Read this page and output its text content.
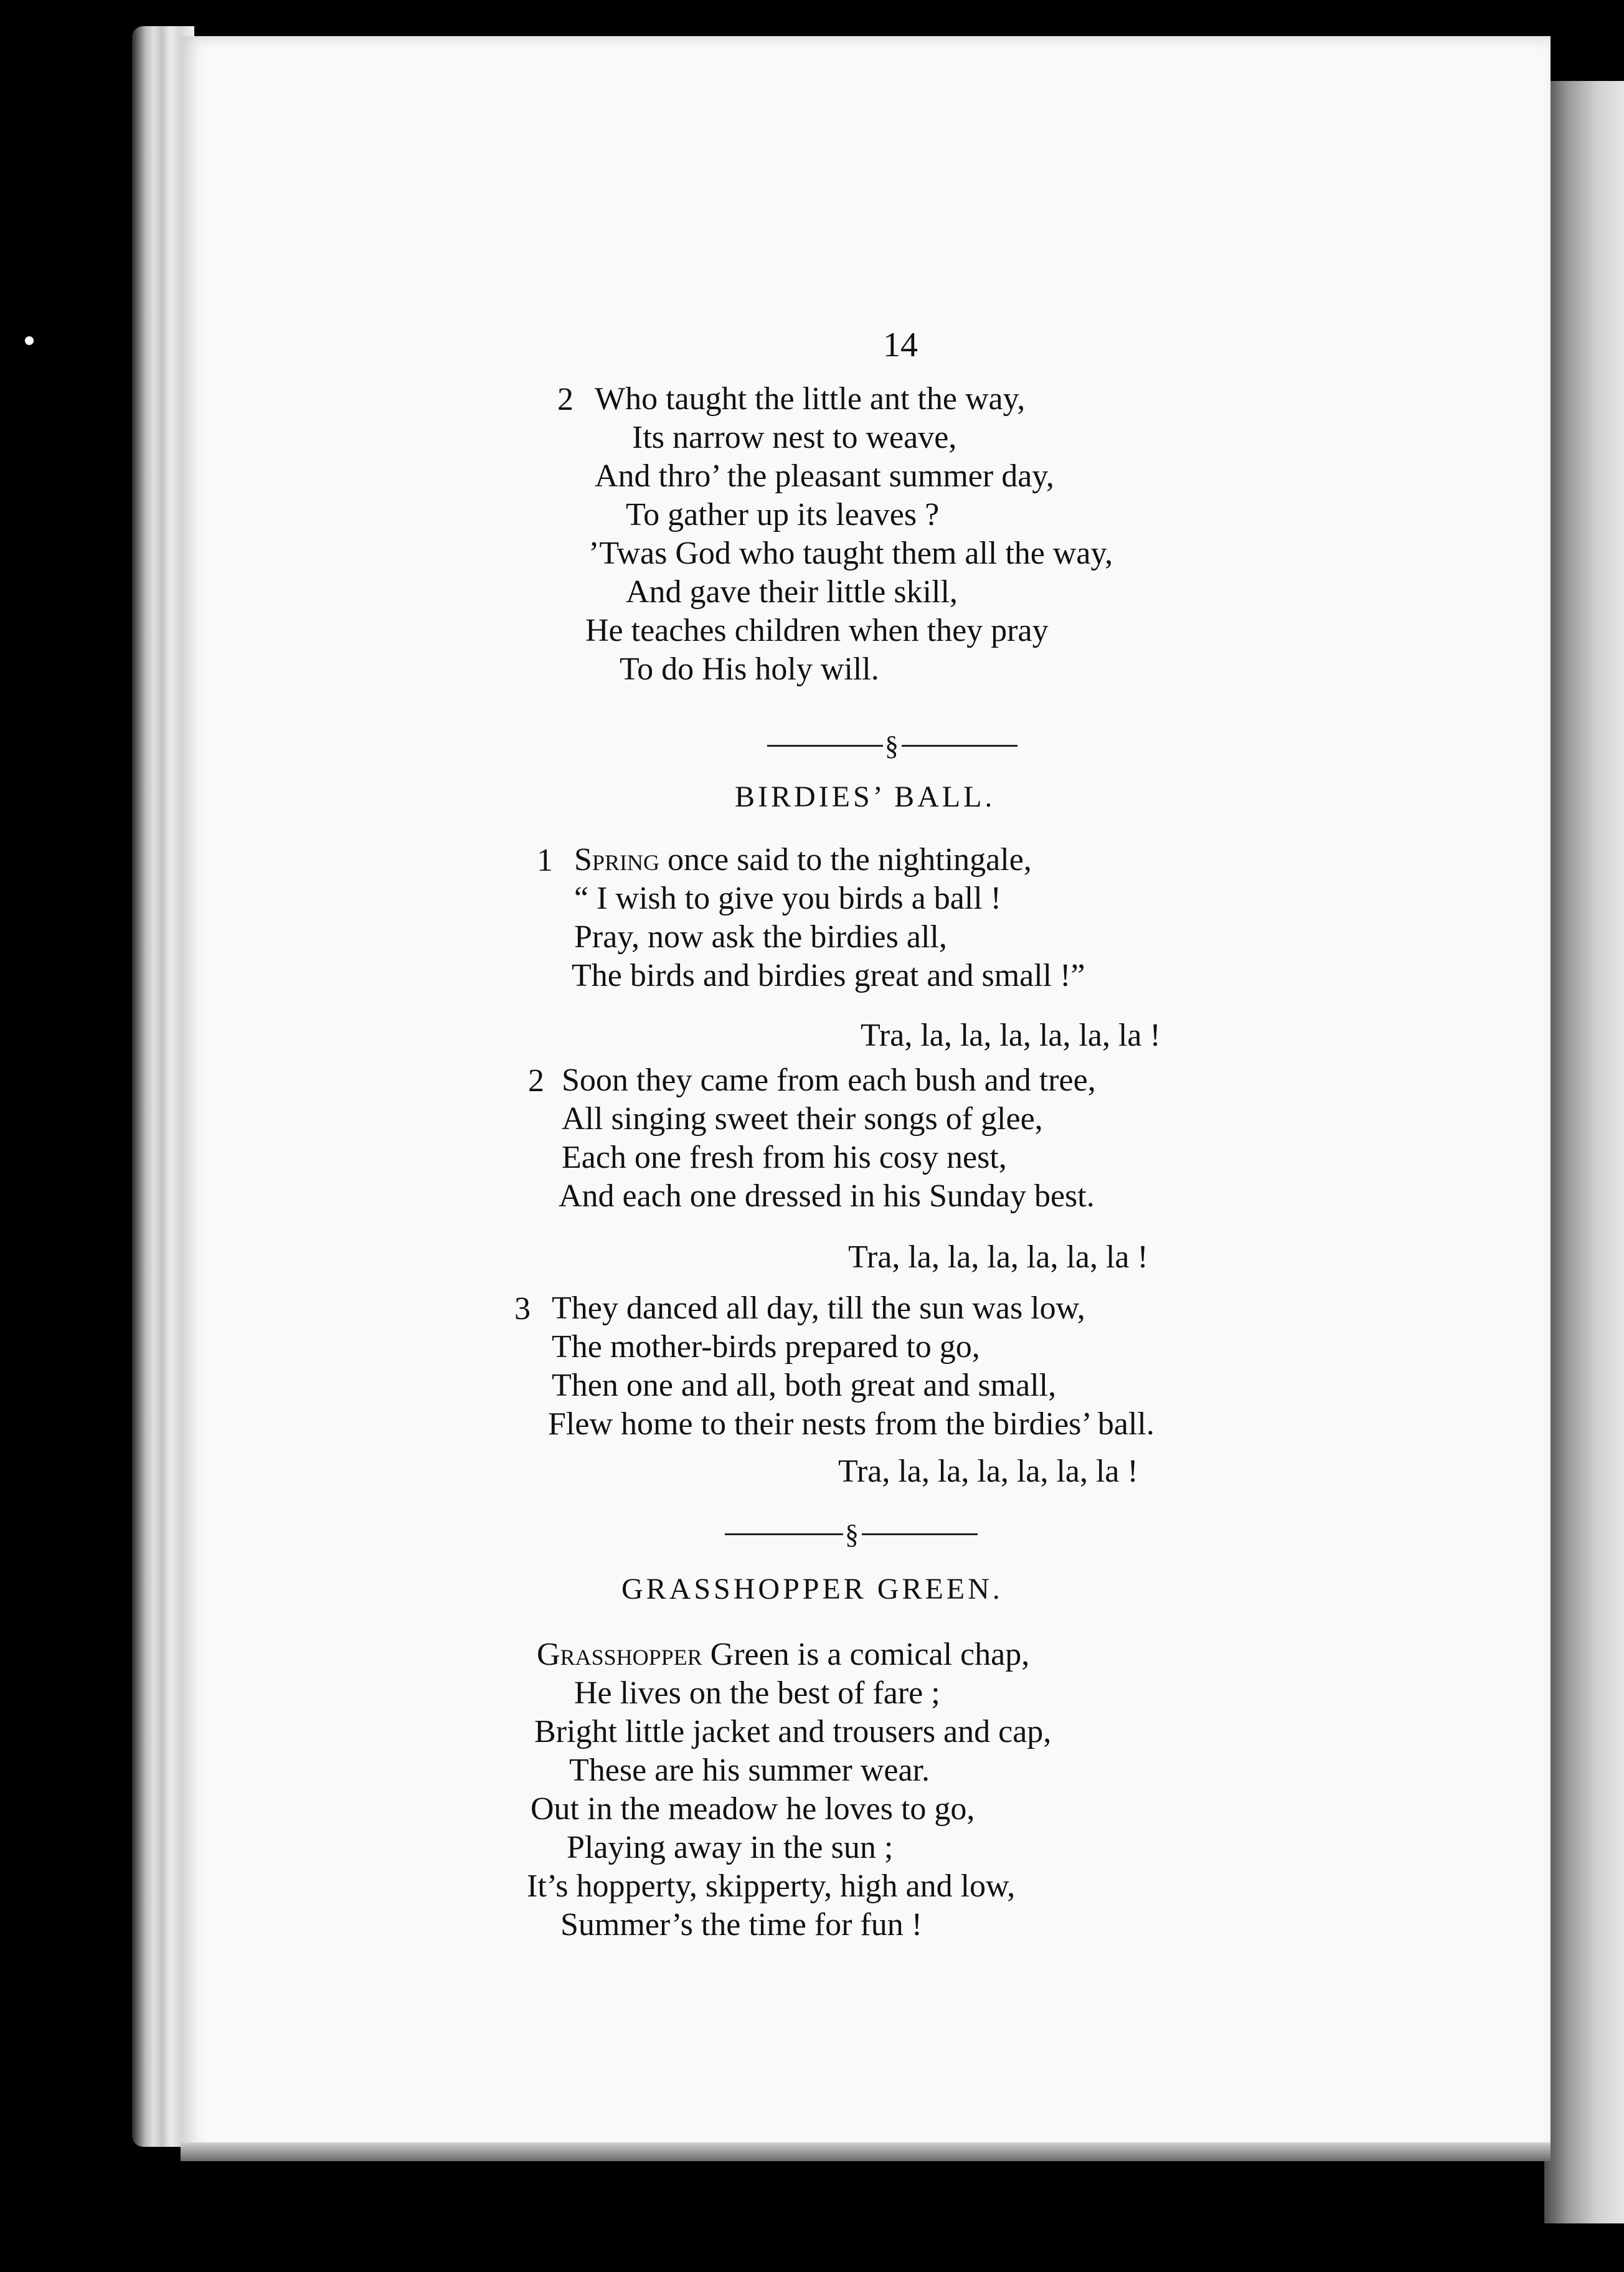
14
2 Who taught the little ant the way,
Its narrow nest to weave,
And thro’ the pleasant summer day,
To gather up its leaves ?
’Twas God who taught them all the way,
And gave their little skill,
He teaches children when they pray
To do His holy will.
§
BIRDIES’ BALL.
1 Spring once said to the nightingale,
“ I wish to give you birds a ball !
Pray, now ask the birdies all,
The birds and birdies great and small !”
Tra, la, la, la, la, la, la !
2 Soon they came from each bush and tree,
All singing sweet their songs of glee,
Each one fresh from his cosy nest,
And each one dressed in his Sunday best.
Tra, la, la, la, la, la, la !
3 They danced all day, till the sun was low,
The mother-birds prepared to go,
Then one and all, both great and small,
Flew home to their nests from the birdies’ ball.
Tra, la, la, la, la, la, la !
§
GRASSHOPPER GREEN.
Grasshopper Green is a comical chap,
He lives on the best of fare ;
Bright little jacket and trousers and cap,
These are his summer wear.
Out in the meadow he loves to go,
Playing away in the sun ;
It’s hopperty, skipperty, high and low,
Summer’s the time for fun !
